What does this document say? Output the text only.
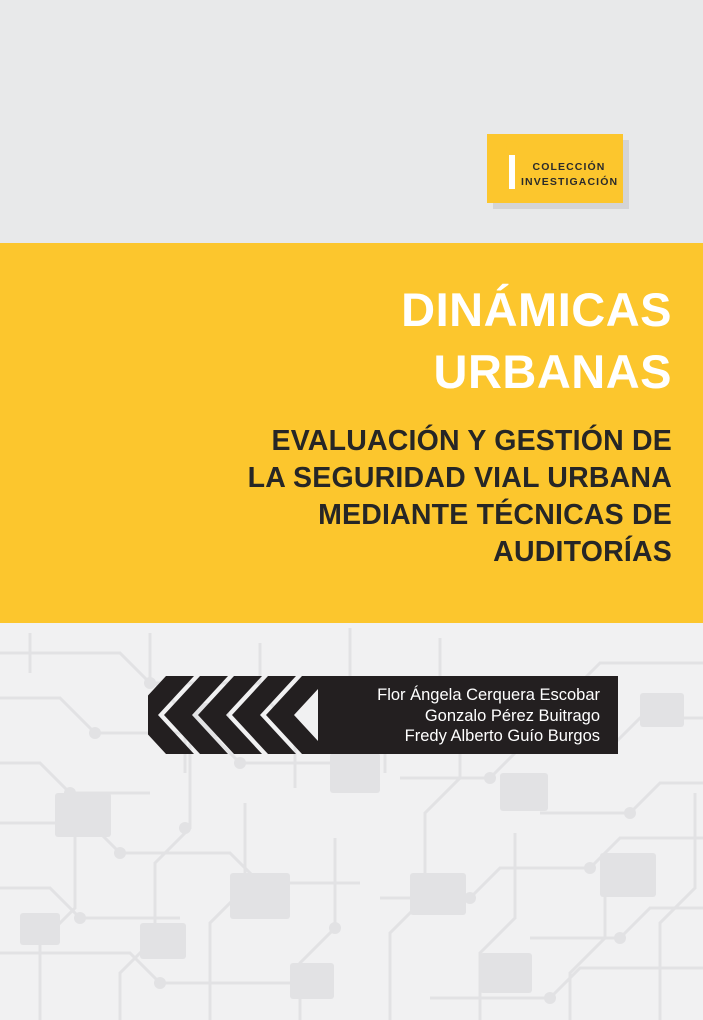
COLECCIÓN INVESTIGACIÓN
DINÁMICAS
URBANAS
EVALUACIÓN Y GESTIÓN DE
LA SEGURIDAD VIAL URBANA
MEDIANTE TÉCNICAS DE
AUDITORÍAS
Flor Ángela Cerquera Escobar
Gonzalo Pérez Buitrago
Fredy Alberto Guío Burgos
